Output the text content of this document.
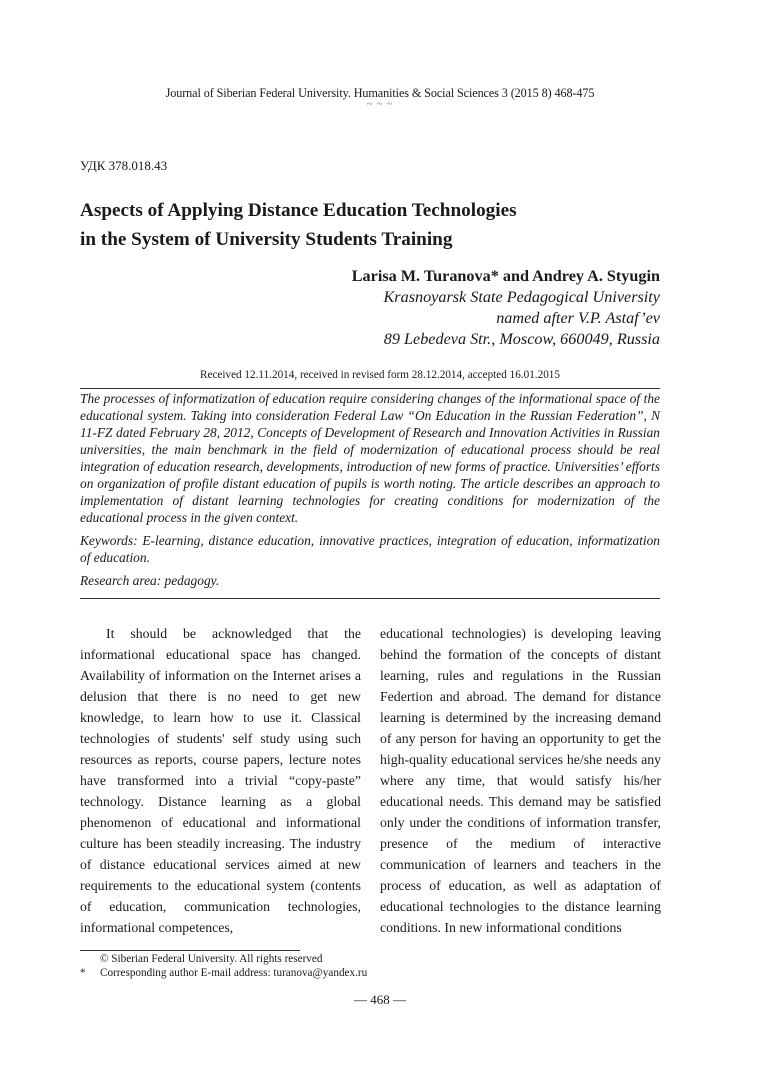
Journal of Siberian Federal University. Humanities & Social Sciences 3 (2015 8) 468-475
~ ~ ~
УДК 378.018.43
Aspects of Applying Distance Education Technologies
in the System of University Students Training
Larisa M. Turanova* and Andrey A. Styugin
Krasnoyarsk State Pedagogical University
named after V.P. Astaf’ev
89 Lebedeva Str., Moscow, 660049, Russia
Received 12.11.2014, received in revised form 28.12.2014, accepted 16.01.2015

The processes of informatization of education require considering changes of the informational space of the educational system. Taking into consideration Federal Law “On Education in the Russian Federation”, N 11-FZ dated February 28, 2012, Concepts of Development of Research and Innovation Activities in Russian universities, the main benchmark in the field of modernization of educational process should be real integration of education research, developments, introduction of new forms of practice. Universities’ efforts on organization of profile distant education of pupils is worth noting. The article describes an approach to implementation of distant learning technologies for creating conditions for modernization of the educational process in the given context.

Keywords: E-learning, distance education, innovative practices, integration of education, informatization of education.

Research area: pedagogy.

It should be acknowledged that the informational educational space has changed. Availability of information on the Internet arises a delusion that there is no need to get new knowledge, to learn how to use it. Classical technologies of students' self study using such resources as reports, course papers, lecture notes have transformed into a trivial “copy-paste” technology. Distance learning as a global phenomenon of educational and informational culture has been steadily increasing. The industry of distance educational services aimed at new requirements to the educational system (contents of education, communication technologies, informational competences,

educational technologies) is developing leaving behind the formation of the concepts of distant learning, rules and regulations in the Russian Federtion and abroad. The demand for distance learning is determined by the increasing demand of any person for having an opportunity to get the high-quality educational services he/she needs any where any time, that would satisfy his/her educational needs. This demand may be satisfied only under the conditions of information transfer, presence of the medium of interactive communication of learners and teachers in the process of education, as well as adaptation of educational technologies to the distance learning conditions. In new informational conditions

© Siberian Federal University. All rights reserved
* Corresponding author E-mail address: turanova@yandex.ru
— 468 —
